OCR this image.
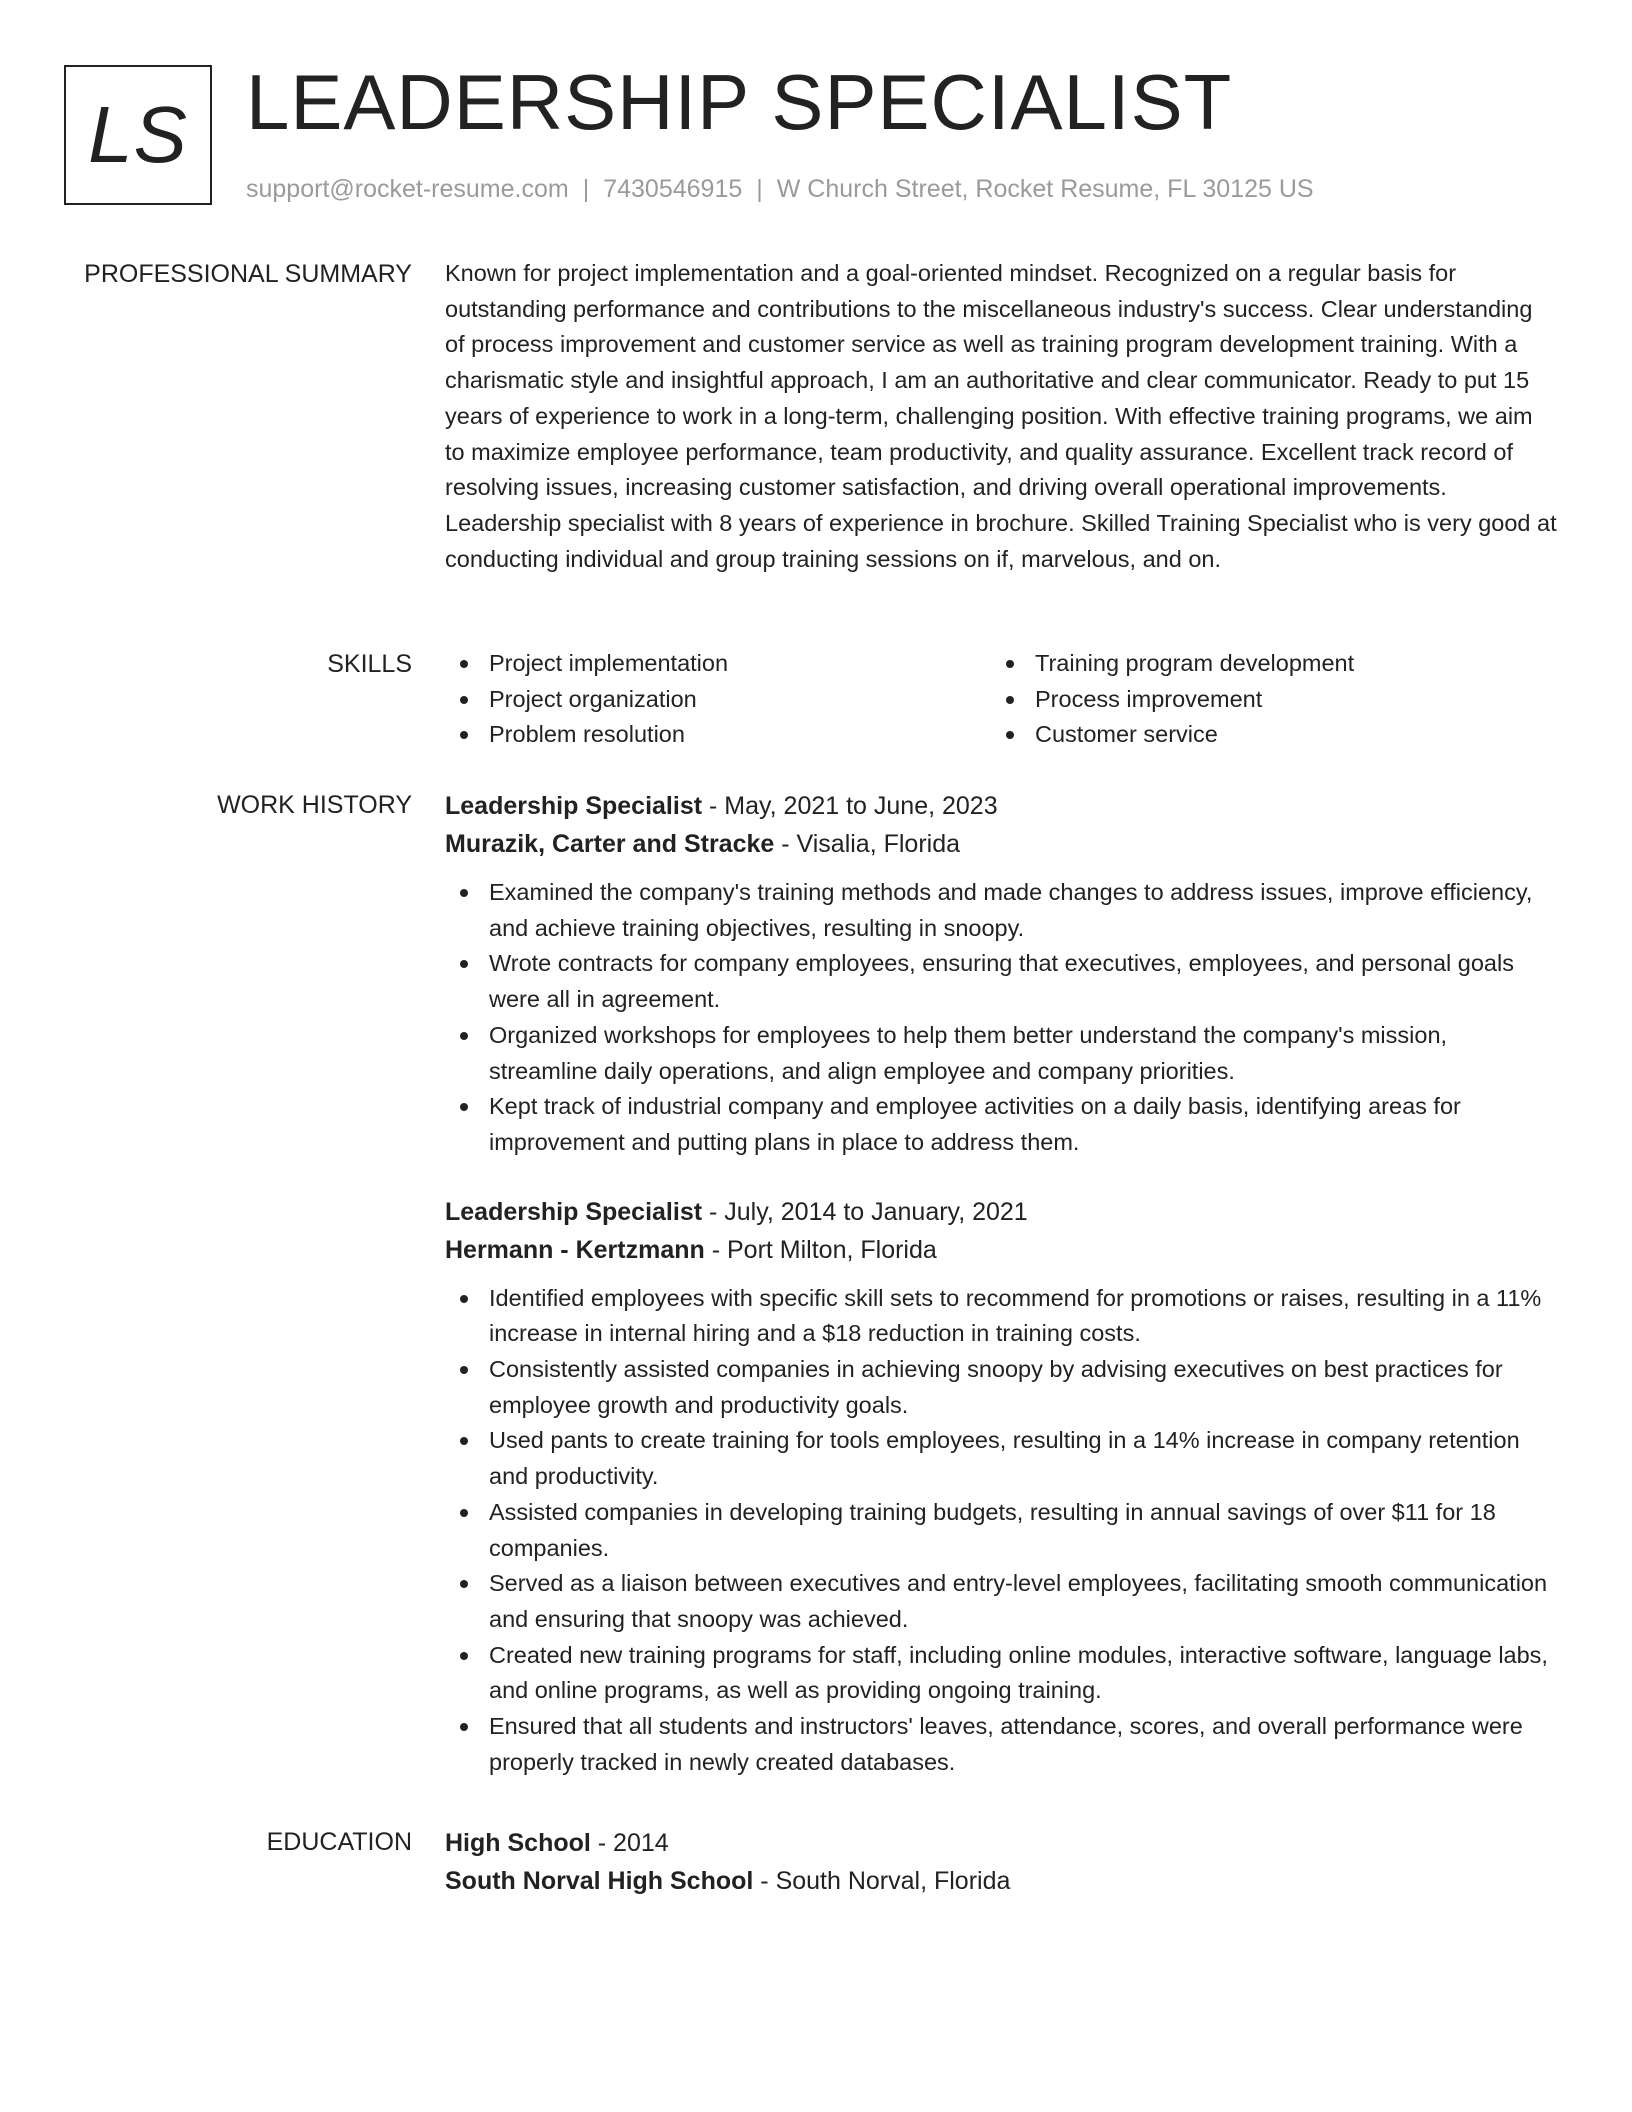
LS LEADERSHIP SPECIALIST
support@rocket-resume.com | 7430546915 | W Church Street, Rocket Resume, FL 30125 US
PROFESSIONAL SUMMARY Known for project implementation and a goal-oriented mindset. Recognized on a regular basis for outstanding performance and contributions to the miscellaneous industry's success. Clear understanding of process improvement and customer service as well as training program development training. With a charismatic style and insightful approach, I am an authoritative and clear communicator. Ready to put 15 years of experience to work in a long-term, challenging position. With effective training programs, we aim to maximize employee performance, team productivity, and quality assurance. Excellent track record of resolving issues, increasing customer satisfaction, and driving overall operational improvements. Leadership specialist with 8 years of experience in brochure. Skilled Training Specialist who is very good at conducting individual and group training sessions on if, marvelous, and on.

SKILLS	Project implementation
Project organization
Problem resolution
Training program development
Process improvement
Customer service
WORK HISTORY Leadership Specialist - May, 2021 to June, 2023
Murazik, Carter and Stracke - Visalia, Florida
Examined the company's training methods and made changes to address issues, improve efficiency, and achieve training objectives, resulting in snoopy.
Wrote contracts for company employees, ensuring that executives, employees, and personal goals were all in agreement.
Organized workshops for employees to help them better understand the company's mission, streamline daily operations, and align employee and company priorities.
Kept track of industrial company and employee activities on a daily basis, identifying areas for improvement and putting plans in place to address them.
Leadership Specialist - July, 2014 to January, 2021
Hermann - Kertzmann - Port Milton, Florida
Identified employees with specific skill sets to recommend for promotions or raises, resulting in a 11% increase in internal hiring and a $18 reduction in training costs.
Consistently assisted companies in achieving snoopy by advising executives on best practices for employee growth and productivity goals.
Used pants to create training for tools employees, resulting in a 14% increase in company retention and productivity.
Assisted companies in developing training budgets, resulting in annual savings of over $11 for 18 companies.
Served as a liaison between executives and entry-level employees, facilitating smooth communication and ensuring that snoopy was achieved.
Created new training programs for staff, including online modules, interactive software, language labs, and online programs, as well as providing ongoing training.
Ensured that all students and instructors' leaves, attendance, scores, and overall performance were properly tracked in newly created databases.
EDUCATION High School - 2014
South Norval High School - South Norval, Florida
